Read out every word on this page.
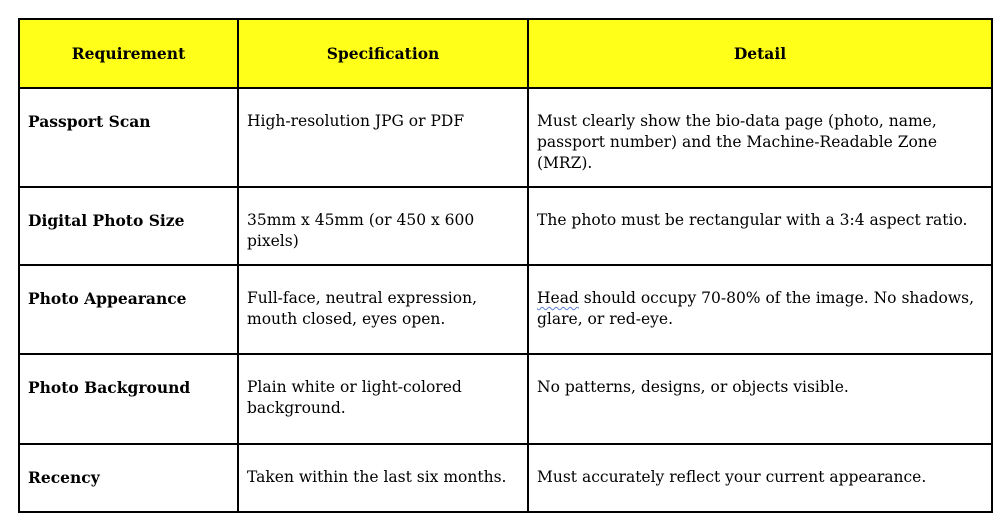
Requirement	Specification	Detail

Passport Scan	High-resolution JPG or PDF	Must clearly show the bio-data page (photo, name, passport number) and the Machine-Readable Zone (MRZ).

Digital Photo Size	35mm x 45mm (or 450 x 600 pixels)	The photo must be rectangular with a 3:4 aspect ratio.

Photo Appearance	Full-face, neutral expression, mouth closed, eyes open.	Head should occupy 70-80% of the image. No shadows, glare, or red-eye.

Photo Background	Plain white or light-colored background.	No patterns, designs, or objects visible.

Recency	Taken within the last six months.	Must accurately reflect your current appearance.
